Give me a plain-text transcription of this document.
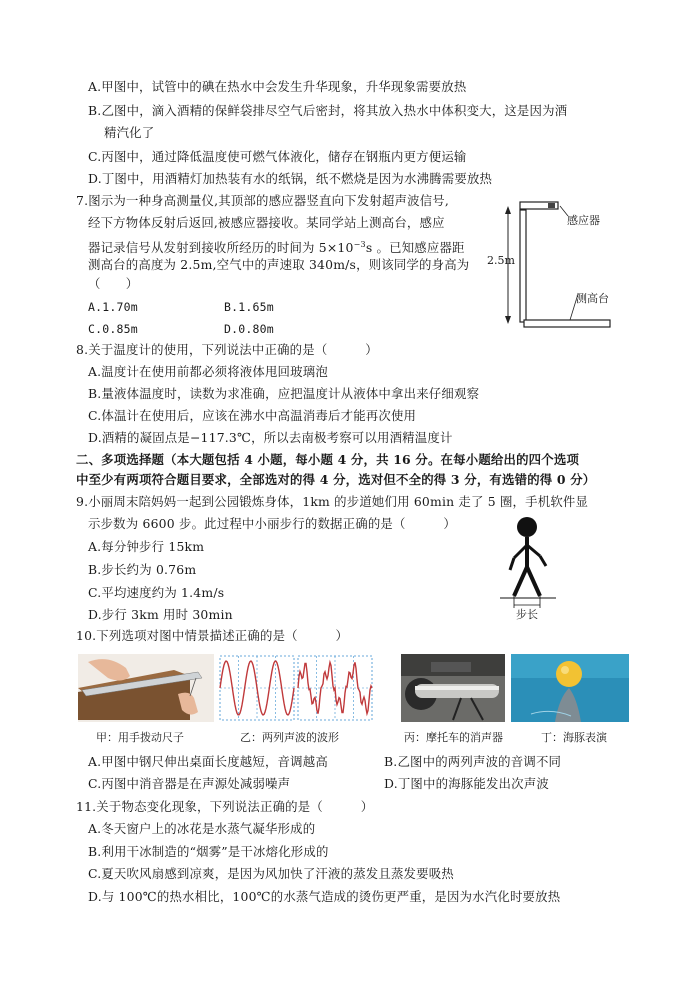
A.甲图中，试管中的碘在热水中会发生升华现象，升华现象需要放热
B.乙图中，滴入酒精的保鲜袋排尽空气后密封，将其放入热水中体积变大，这是因为酒
精汽化了
C.丙图中，通过降低温度使可燃气体液化，储存在钢瓶内更方便运输
D.丁图中，用酒精灯加热装有水的纸锅，纸不燃烧是因为水沸腾需要放热
7.图示为一种身高测量仪,其顶部的感应器竖直向下发射超声波信号,
经下方物体反射后返回,被感应器接收。某同学站上测高台，感应
器记录信号从发射到接收所经历的时间为 $5\times 10^{-3}s$ 。已知感应器距
测高台的高度为 2.5m,空气中的声速取 340m/s，则该同学的身高为
（　　）
A.1.70m	B.1.65m
C.0.85m	D.0.80m
感应器
2.5m
测高台
8.关于温度计的使用，下列说法中正确的是（　　　）
A.温度计在使用前都必须将液体甩回玻璃泡
B.量液体温度时，读数为求准确，应把温度计从液体中拿出来仔细观察
C.体温计在使用后，应该在沸水中高温消毒后才能再次使用
D.酒精的凝固点是−117.3℃，所以去南极考察可以用酒精温度计
二、多项选择题（本大题包括 4 小题，每小题 4 分，共 16 分。在每小题给出的四个选项
中至少有两项符合题目要求，全部选对的得 4 分，选对但不全的得 3 分，有选错的得 0 分）
9.小丽周末陪妈妈一起到公园锻炼身体，1km 的步道她们用 60min 走了 5 圈，手机软件显
示步数为 6600 步。此过程中小丽步行的数据正确的是（　　　）
A.每分钟步行 15km
B.步长约为 0.76m
C.平均速度约为 1.4m/s
D.步行 3km 用时 30min	步长
10.下列选项对图中情景描述正确的是（　　　）
甲：用手拨动尺子	乙：两列声波的波形	丙：摩托车的消声器	丁：海豚表演
A.甲图中钢尺伸出桌面长度越短，音调越高	B.乙图中的两列声波的音调不同
C.丙图中消音器是在声源处减弱噪声	D.丁图中的海豚能发出次声波
11.关于物态变化现象，下列说法正确的是（　　　）
A.冬天窗户上的冰花是水蒸气凝华形成的
B.利用干冰制造的“烟雾”是干冰熔化形成的
C.夏天吹风扇感到凉爽，是因为风加快了汗液的蒸发且蒸发要吸热
D.与 100℃的热水相比，100℃的水蒸气造成的烫伤更严重，是因为水汽化时要放热
